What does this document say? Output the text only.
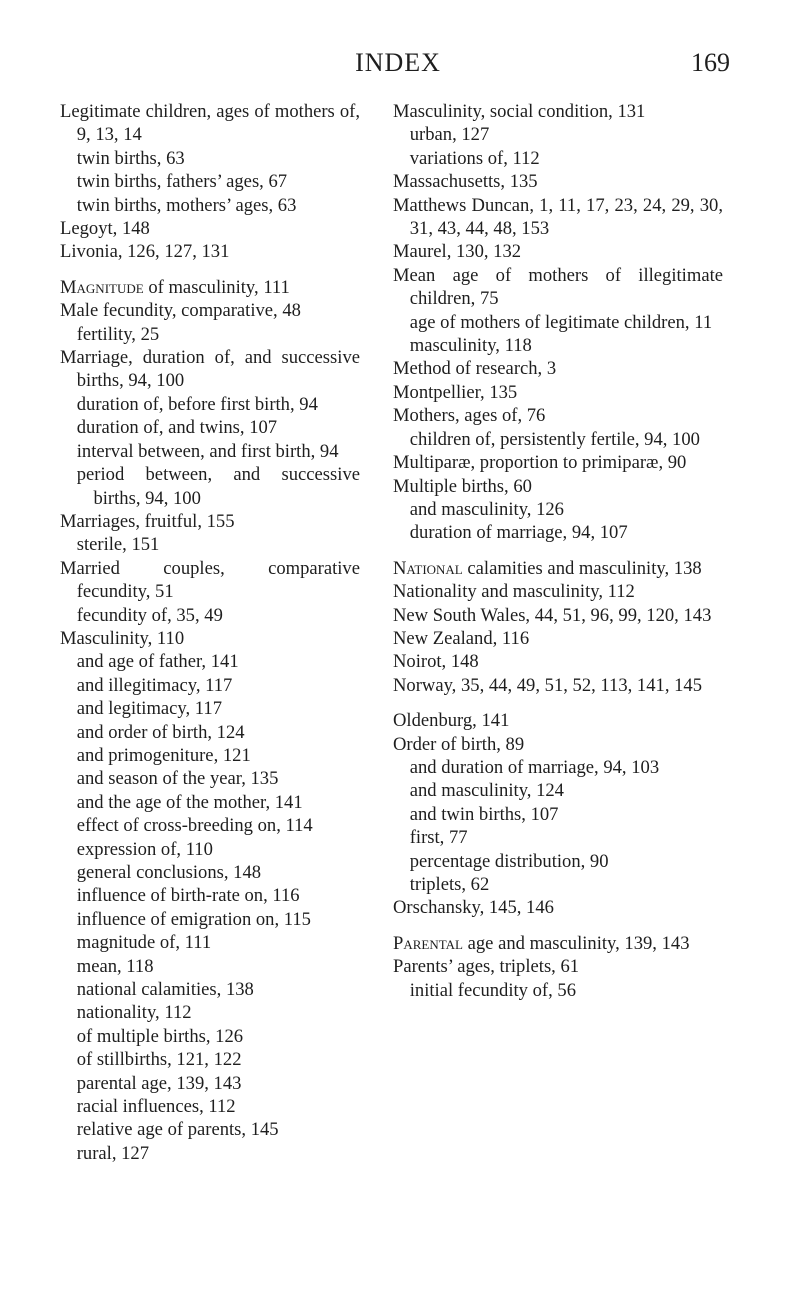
INDEX	169
Legitimate children, ages of mothers of, 9, 13, 14
twin births, 63
twin births, fathers’ ages, 67
twin births, mothers’ ages, 63
Legoyt, 148
Livonia, 126, 127, 131
Magnitude of masculinity, 111
Male fecundity, comparative, 48
fertility, 25
Marriage, duration of, and successive births, 94, 100
duration of, before first birth, 94
duration of, and twins, 107
interval between, and first birth, 94
period between, and successive births, 94, 100
Marriages, fruitful, 155
sterile, 151
Married couples, comparative fecundity, 51
fecundity of, 35, 49
Masculinity, 110
and age of father, 141
and illegitimacy, 117
and legitimacy, 117
and order of birth, 124
and primogeniture, 121
and season of the year, 135
and the age of the mother, 141
effect of cross-breeding on, 114
expression of, 110
general conclusions, 148
influence of birth-rate on, 116
influence of emigration on, 115
magnitude of, 111
mean, 118
national calamities, 138
nationality, 112
of multiple births, 126
of stillbirths, 121, 122
parental age, 139, 143
racial influences, 112
relative age of parents, 145
rural, 127
Masculinity, social condition, 131
urban, 127
variations of, 112
Massachusetts, 135
Matthews Duncan, 1, 11, 17, 23, 24, 29, 30, 31, 43, 44, 48, 153
Maurel, 130, 132
Mean age of mothers of illegitimate children, 75
age of mothers of legitimate children, 11
masculinity, 118
Method of research, 3
Montpellier, 135
Mothers, ages of, 76
children of, persistently fertile, 94, 100
Multiparæ, proportion to primiparæ, 90
Multiple births, 60
and masculinity, 126
duration of marriage, 94, 107
National calamities and masculinity, 138
Nationality and masculinity, 112
New South Wales, 44, 51, 96, 99, 120, 143
New Zealand, 116
Noirot, 148
Norway, 35, 44, 49, 51, 52, 113, 141, 145
Oldenburg, 141
Order of birth, 89
and duration of marriage, 94, 103
and masculinity, 124
and twin births, 107
first, 77
percentage distribution, 90
triplets, 62
Orschansky, 145, 146
Parental age and masculinity, 139, 143
Parents’ ages, triplets, 61
initial fecundity of, 56
